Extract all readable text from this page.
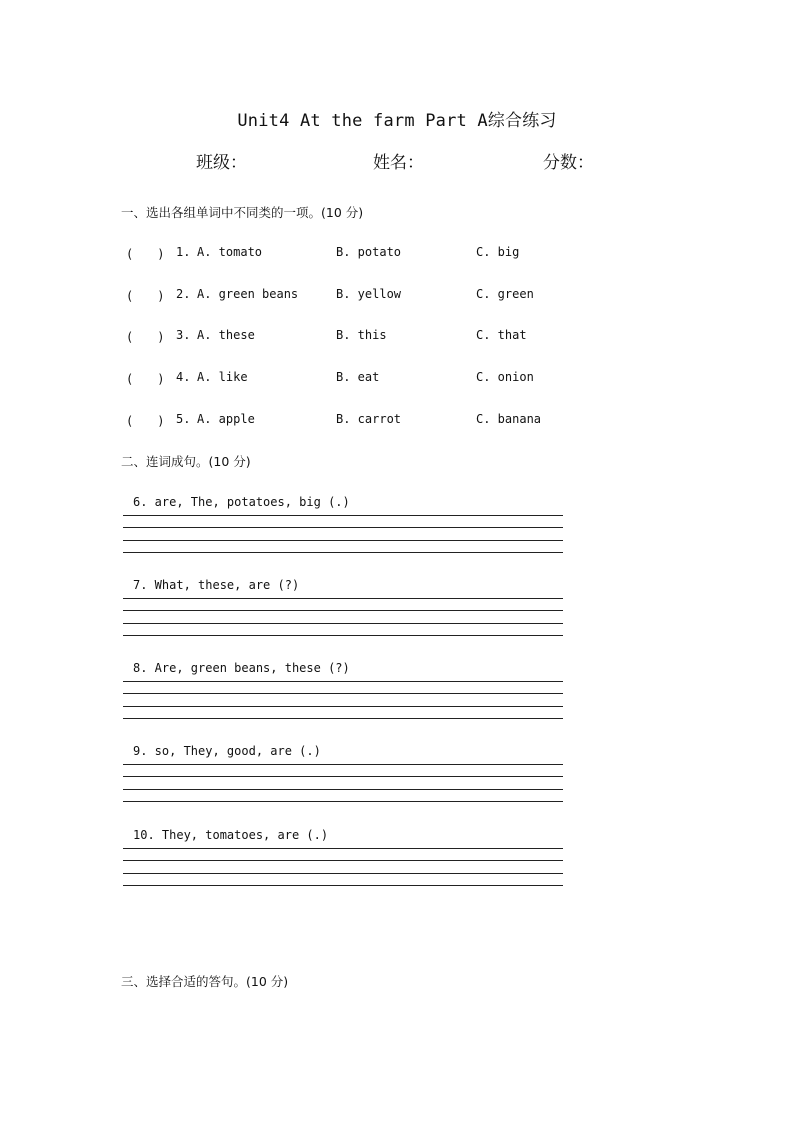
Unit4 At the farm Part A综合练习
班级：	姓名：	分数：
一、选出各组单词中不同类的一项。(10 分)
(　　) 1. A. tomato	B. potato	C. big
(　　) 2. A. green beans	B. yellow	C. green
(　　) 3. A. these	B. this	C. that
(　　) 4. A. like	B. eat	C. onion
(　　) 5. A. apple	B. carrot	C. banana
二、连词成句。(10 分)
6. are, The, potatoes, big (.)
7. What, these, are (?)
8. Are, green beans, these (?)
9. so, They, good, are (.)
10. They, tomatoes, are (.)
三、选择合适的答句。(10 分)
